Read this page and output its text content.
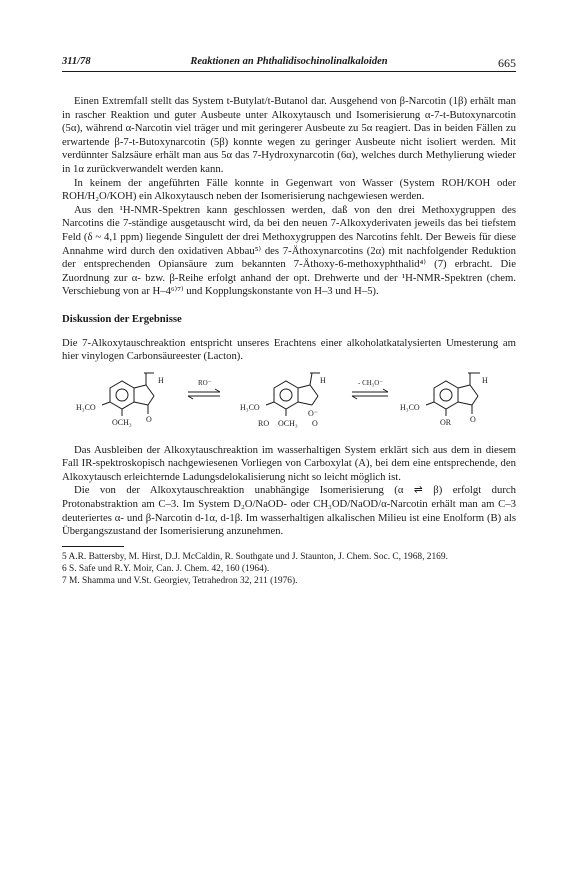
311/78	Reaktionen an Phthalidisochinolinalkaloiden	665

Einen Extremfall stellt das System t-Butylat/t-Butanol dar. Ausgehend von β-Narcotin (1β) erhält man in rascher Reaktion und guter Ausbeute unter Alkoxytausch und Isomerisierung α-7-t-Butoxynarcotin (5α), während α-Narcotin viel träger und mit geringerer Ausbeute zu 5α reagiert. Das in beiden Fällen zu erwartende β-7-t-Butoxynarcotin (5β) konnte wegen zu geringer Ausbeute nicht isoliert werden. Mit verdünnter Salzsäure erhält man aus 5α das 7-Hydroxynarcotin (6α), welches durch Methylierung wieder in 1α zurückverwandelt werden kann.

In keinem der angeführten Fälle konnte in Gegenwart von Wasser (System ROH/KOH oder ROH/H₂O/KOH) ein Alkoxytausch neben der Isomerisierung nachgewiesen werden.

Aus den ¹H-NMR-Spektren kann geschlossen werden, daß von den drei Methoxygruppen des Narcotins die 7-ständige ausgetauscht wird, da bei den neuen 7-Alkoxyderivaten jeweils das bei tiefstem Feld (δ ~ 4,1 ppm) liegende Singulett der drei Methoxygruppen des Narcotins fehlt. Der Beweis für diese Annahme wird durch den oxidativen Abbau⁵⁾ des 7-Äthoxynarcotins (2α) mit nachfolgender Reduktion der entsprechenden Opiansäure zum bekannten 7-Äthoxy-6-methoxyphthalid⁴⁾ (7) erbracht. Die Zuordnung zur α- bzw. β-Reihe erfolgt anhand der opt. Drehwerte und der ¹H-NMR-Spektren (chem. Verschiebung von ar H–4⁶⁾⁷⁾ und Kopplungskonstante von H–3 und H–5).

Diskussion der Ergebnisse

Die 7-Alkoxytauschreaktion entspricht unseres Erachtens einer alkoholatkatalysierten Umesterung am hier vinylogen Carbonsäureester (Lacton).

H
H₃CO
OCH₃ O
RO⁻	H
H₃CO
RO OCH₃
O⁻
O
- CH₃O⁻	H
H₃CO
OR O

Das Ausbleiben der Alkoxytauschreaktion im wasserhaltigen System erklärt sich aus dem in diesem Fall IR-spektroskopisch nachgewiesenen Vorliegen von Carboxylat (A), bei dem eine entsprechende, den Alkoxytausch erleichternde Ladungsdelokalisierung nicht so leicht möglich ist.

Die von der Alkoxytauschreaktion unabhängige Isomerisierung (α ⇌ β) erfolgt durch Protonabstraktion am C–3. Im System D₂O/NaOD- oder CH₃OD/NaOD/α-Narcotin erhält man am C–3 deuteriertes α- und β-Narcotin d-1α, d-1β. Im wasserhaltigen alkalischen Milieu ist eine Enolform (B) als Übergangszustand der Isomerisierung anzunehmen.

5 A.R. Battersby, M. Hirst, D.J. McCaldin, R. Southgate und J. Staunton, J. Chem. Soc. C, 1968, 2169.

6 S. Safe und R.Y. Moir, Can. J. Chem. 42, 160 (1964).

7 M. Shamma und V.St. Georgiev, Tetrahedron 32, 211 (1976).
